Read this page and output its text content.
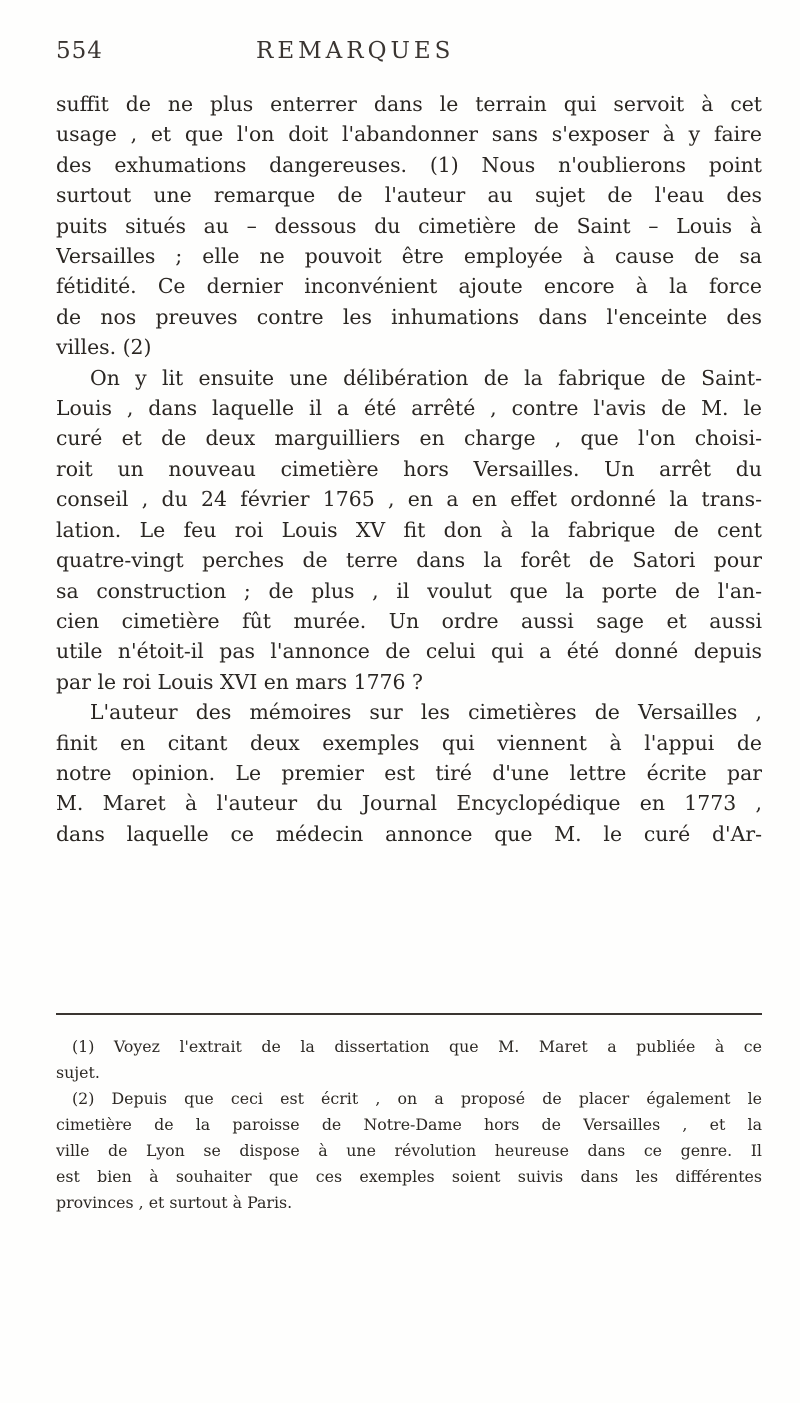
554	REMARQUES
suffit de ne plus enterrer dans le terrain qui servoit à cet
usage , et que l'on doit l'abandonner sans s'exposer à y faire
des exhumations dangereuses. (1) Nous n'oublierons point
surtout une remarque de l'auteur au sujet de l'eau des
puits situés au – dessous du cimetière de Saint – Louis à
Versailles ; elle ne pouvoit être employée à cause de sa
fétidité. Ce dernier inconvénient ajoute encore à la force
de nos preuves contre les inhumations dans l'enceinte des
villes. (2)
On y lit ensuite une délibération de la fabrique de Saint-
Louis , dans laquelle il a été arrêté , contre l'avis de M. le
curé et de deux marguilliers en charge , que l'on choisi-
roit un nouveau cimetière hors Versailles. Un arrêt du
conseil , du 24 février 1765 , en a en effet ordonné la trans-
lation. Le feu roi Louis XV fit don à la fabrique de cent
quatre-vingt perches de terre dans la forêt de Satori pour
sa construction ; de plus , il voulut que la porte de l'an-
cien cimetière fût murée. Un ordre aussi sage et aussi
utile n'étoit-il pas l'annonce de celui qui a été donné depuis
par le roi Louis XVI en mars 1776 ?
L'auteur des mémoires sur les cimetières de Versailles ,
finit en citant deux exemples qui viennent à l'appui de
notre opinion. Le premier est tiré d'une lettre écrite par
M. Maret à l'auteur du Journal Encyclopédique en 1773 ,
dans laquelle ce médecin annonce que M. le curé d'Ar-
(1) Voyez l'extrait de la dissertation que M. Maret a publiée à ce
sujet.
(2) Depuis que ceci est écrit , on a proposé de placer également le
cimetière de la paroisse de Notre-Dame hors de Versailles , et la
ville de Lyon se dispose à une révolution heureuse dans ce genre. Il
est bien à souhaiter que ces exemples soient suivis dans les différentes
provinces , et surtout à Paris.
